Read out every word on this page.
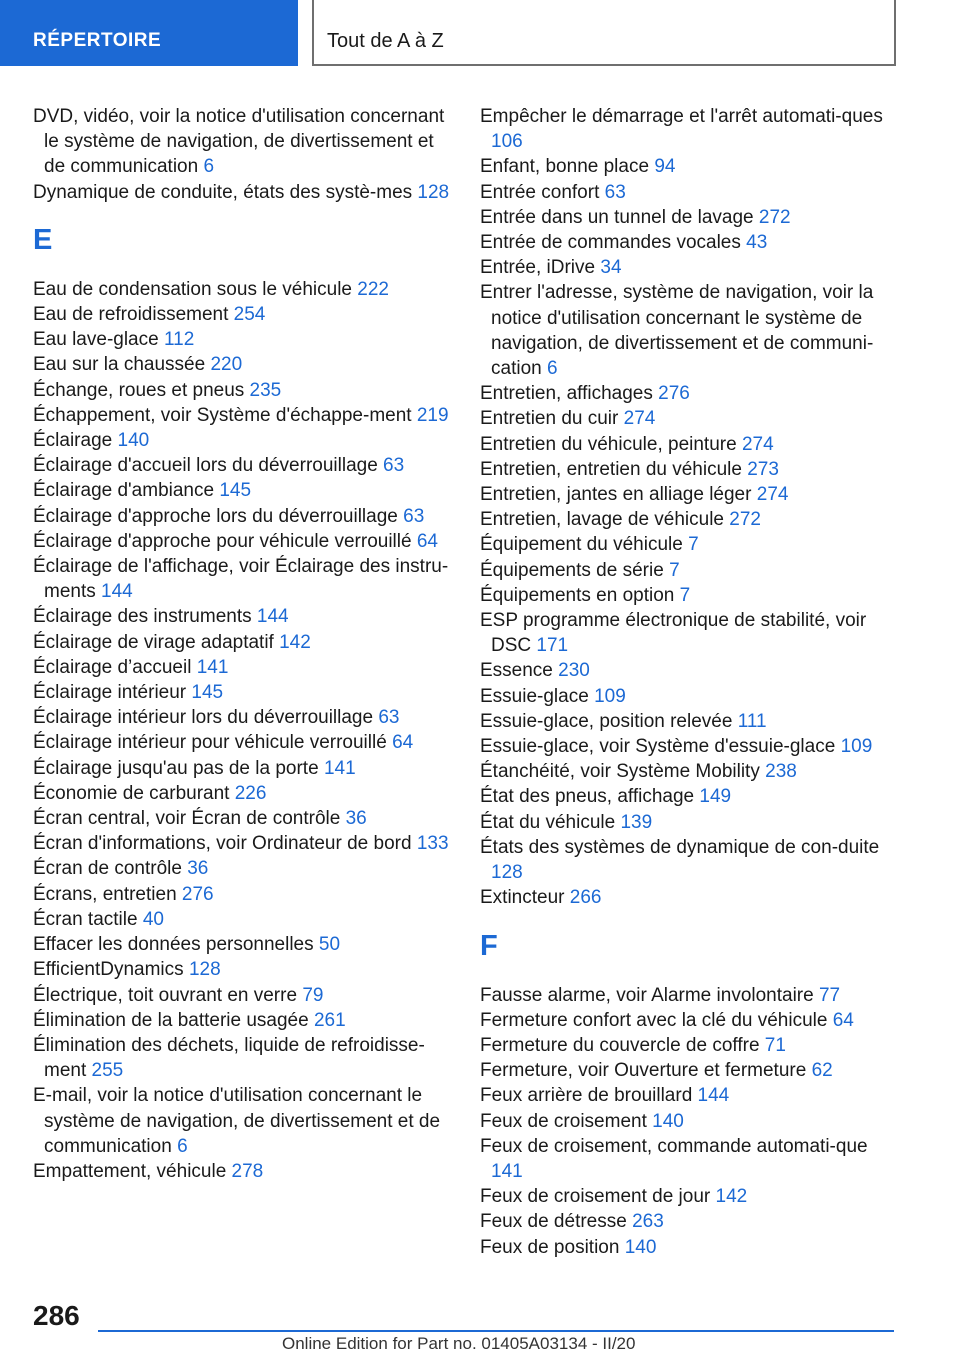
RÉPERTOIRE	Tout de A à Z
DVD, vidéo, voir la notice d'utilisation concernant le système de navigation, de divertissement et de communication 6
Dynamique de conduite, états des systè-mes 128
E
Eau de condensation sous le véhicule 222
Eau de refroidissement 254
Eau lave-glace 112
Eau sur la chaussée 220
Échange, roues et pneus 235
Échappement, voir Système d'échappe-ment 219
Éclairage 140
Éclairage d'accueil lors du déverrouillage 63
Éclairage d'ambiance 145
Éclairage d'approche lors du déverrouillage 63
Éclairage d'approche pour véhicule verrouillé 64
Éclairage de l'affichage, voir Éclairage des instru-ments 144
Éclairage des instruments 144
Éclairage de virage adaptatif 142
Éclairage d’accueil 141
Éclairage intérieur 145
Éclairage intérieur lors du déverrouillage 63
Éclairage intérieur pour véhicule verrouillé 64
Éclairage jusqu'au pas de la porte 141
Économie de carburant 226
Écran central, voir Écran de contrôle 36
Écran d'informations, voir Ordinateur de bord 133
Écran de contrôle 36
Écrans, entretien 276
Écran tactile 40
Effacer les données personnelles 50
EfficientDynamics 128
Électrique, toit ouvrant en verre 79
Élimination de la batterie usagée 261
Élimination des déchets, liquide de refroidisse-ment 255
E-mail, voir la notice d'utilisation concernant le système de navigation, de divertissement et de communication 6
Empattement, véhicule 278
Empêcher le démarrage et l'arrêt automati-ques 106
Enfant, bonne place 94
Entrée confort 63
Entrée dans un tunnel de lavage 272
Entrée de commandes vocales 43
Entrée, iDrive 34
Entrer l'adresse, système de navigation, voir la notice d'utilisation concernant le système de navigation, de divertissement et de communi-cation 6
Entretien, affichages 276
Entretien du cuir 274
Entretien du véhicule, peinture 274
Entretien, entretien du véhicule 273
Entretien, jantes en alliage léger 274
Entretien, lavage de véhicule 272
Équipement du véhicule 7
Équipements de série 7
Équipements en option 7
ESP programme électronique de stabilité, voir DSC 171
Essence 230
Essuie-glace 109
Essuie-glace, position relevée 111
Essuie-glace, voir Système d'essuie-glace 109
Étanchéité, voir Système Mobility 238
État des pneus, affichage 149
État du véhicule 139
États des systèmes de dynamique de con-duite 128
Extincteur 266
F
Fausse alarme, voir Alarme involontaire 77
Fermeture confort avec la clé du véhicule 64
Fermeture du couvercle de coffre 71
Fermeture, voir Ouverture et fermeture 62
Feux arrière de brouillard 144
Feux de croisement 140
Feux de croisement, commande automati-que 141
Feux de croisement de jour 142
Feux de détresse 263
Feux de position 140
286
Online Edition for Part no. 01405A03134 - II/20
